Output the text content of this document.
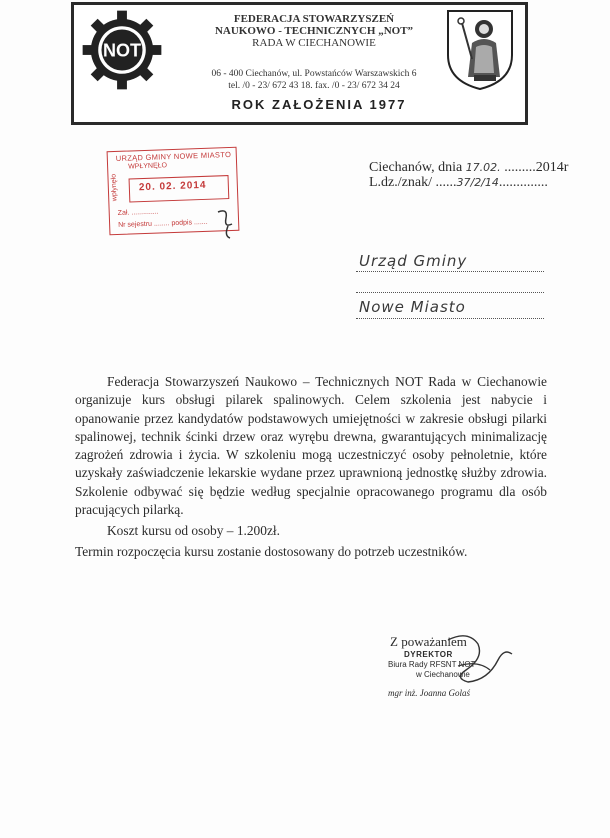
NOT
FEDERACJA STOWARZYSZEŃ
NAUKOWO - TECHNICZNYCH „NOT”
RADA W CIECHANOWIE
06 - 400 Ciechanów, ul. Powstańców Warszawskich 6
tel. /0 - 23/ 672 43 18. fax. /0 - 23/ 672 34 24
ROK ZAŁOŻENIA 1977
URZĄD GMINY NOWE MIASTO
WPŁYNĘŁO
wpłynęło 20. 02. 2014
Zał. ..............
Nr sejestru ........ podpis .......
Ciechanów, dnia 17.02. .........2014r
L.dz./znak/ ......37/2/14..............
Urząd Gminy
Nowe Miasto

Federacja Stowarzyszeń Naukowo – Technicznych NOT Rada w Ciechanowie organizuje kurs obsługi pilarek spalinowych. Celem szkolenia jest nabycie i opanowanie przez kandydatów podstawowych umiejętności w zakresie obsługi pilarki spalinowej, technik ścinki drzew oraz wyrębu drewna, gwarantujących minimalizację zagrożeń zdrowia i życia. W szkoleniu mogą uczestniczyć osoby pełnoletnie, które uzyskały zaświadczenie lekarskie wydane przez uprawnioną jednostkę służby zdrowia. Szkolenie odbywać się będzie według specjalnie opracowanego programu dla osób pracujących pilarką.

Koszt kursu od osoby – 1.200zł.

Termin rozpoczęcia kursu zostanie dostosowany do potrzeb uczestników.

Z poważaniem
DYREKTOR
Biura Rady RFSNT NOT
w Ciechanowie
mgr inż. Joanna Golaś
